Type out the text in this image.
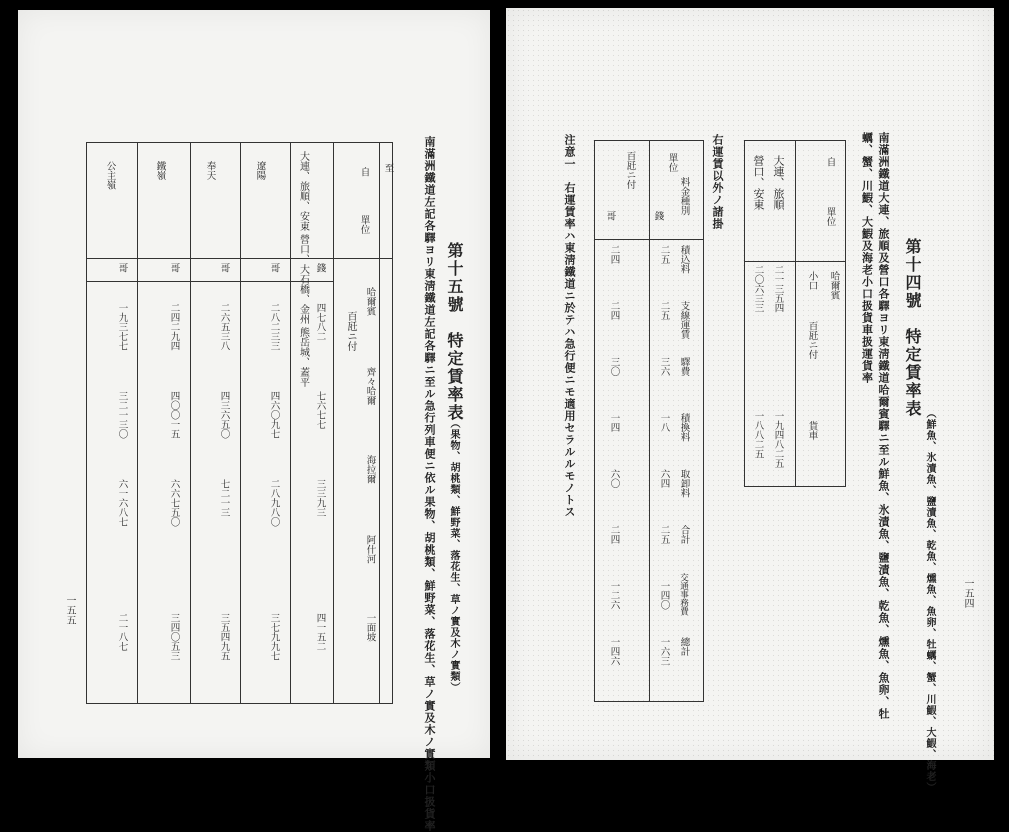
一五五	南滿洲鐵道左記各驛ヨリ東淸鐵道左記各驛ニ至ル急行列車便ニ依ル果物、胡桃類、鮮野菜、落花生、草ノ實及木ノ實類小口扱貨率 第十五號　特定賃率表
（果物、胡桃類、鮮野菜、落花生、草ノ實及木ノ實類）
自 至
單位
百瓩ニ付
哈爾賓
齊々哈爾
海拉爾
阿什河
一面坡
大連、旅順、安東 營口、大石橋、金州 熊岳城、蓋平
遼陽
奉天
鐵嶺
公主嶺
錢
哥
哥
哥
哥
四七八二
七六七七
三三九三
四一五二
二八二三三
四六〇九七
二八九八〇
三七九九七
二六五三八
四三六五〇
七二一三
三五四九五
二四二九四
四〇〇一五
六六七五〇
三四〇五三
一九三七七
三二一三〇
六一六八七
二一八七
一五四
南滿洲鐵道大連、旅順及營口各驛ヨリ東淸鐵道哈爾賓驛ニ至ル鮮魚、氷漬魚、鹽漬魚、乾魚、燻魚、魚卵、牡蠣、蟹、川鰕、大鰕及海老小口扱貨車扱運貨率	第十四號　特定賃率表
（鮮魚、氷漬魚、鹽漬魚、乾魚、燻魚、魚卵、牡蠣、蟹、川鰕、大鰕、海老）
自
單位
哈爾賓
百瓩ニ付
小口
貨車
大連、旅順
營口、安東
二一三五四
二〇六三三
一九四八二五
一八八二五
右運賃以外ノ諸掛
料金種別
單位
百瓩ニ付
錢
哥
積込料
支線運賃
驛費
積換料
取卸料
合計
交通事務費
總計
二五
二五
三六
一八
六四
二五
一四〇
一六三
二四
二四
三〇
一四
六〇
二四
一二六
一四六
注意一　右運賃率ハ東淸鐵道ニ於テハ急行便ニモ適用セラルルモノトス
